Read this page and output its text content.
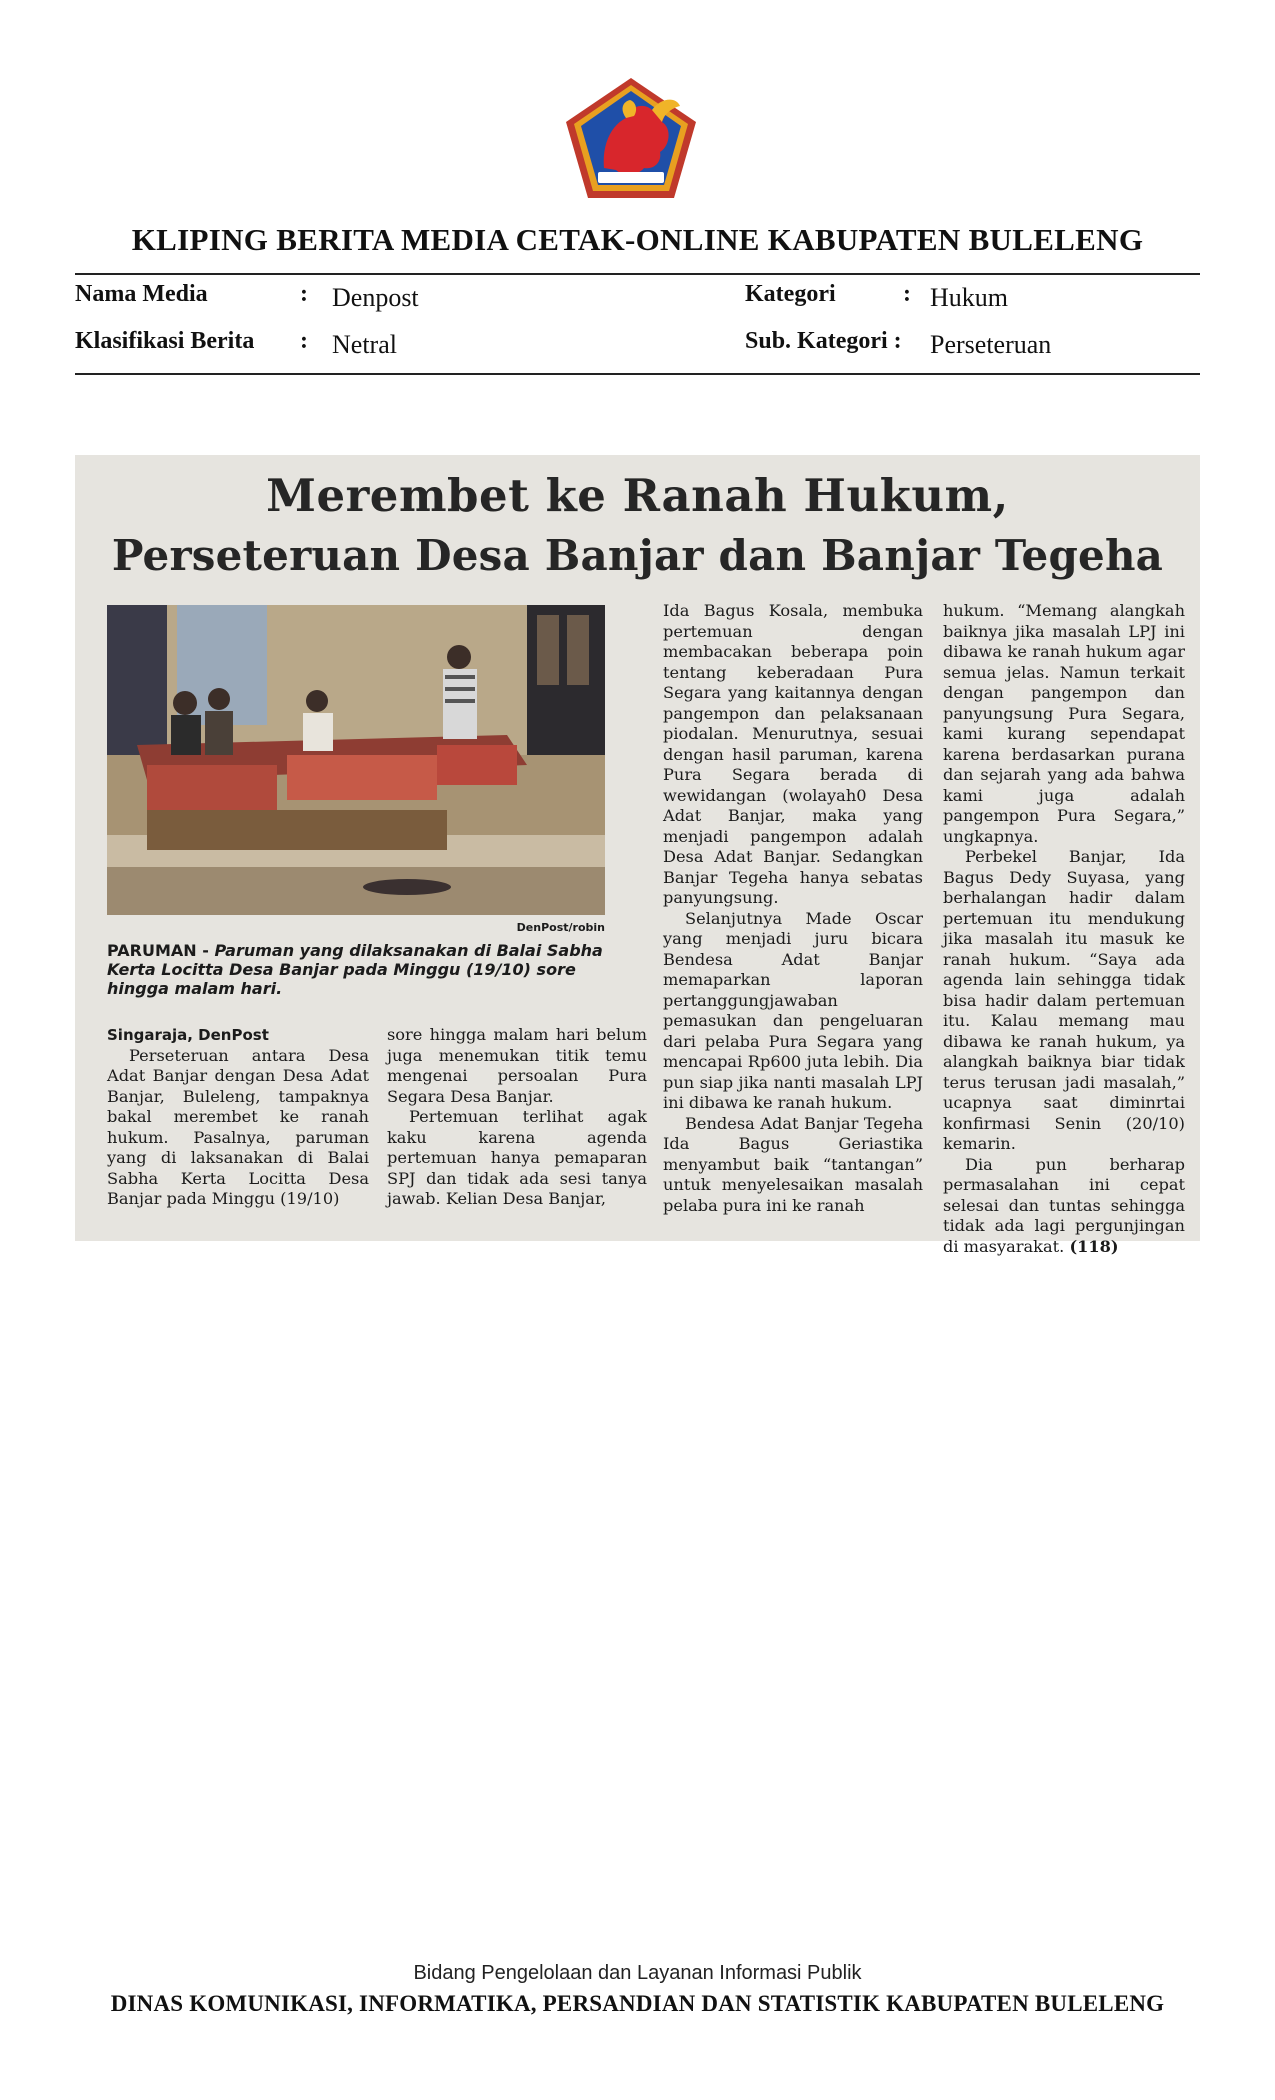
KLIPING BERITA MEDIA CETAK-ONLINE KABUPATEN BULELENG
Nama Media	: Denpost	Kategori	: Hukum
Klasifikasi Berita : Netral	Sub. Kategori : Perseteruan
Merembet ke Ranah Hukum,
Perseteruan Desa Banjar dan Banjar Tegeha
DenPost/robin
PARUMAN - Paruman yang dilaksanakan di Balai Sabha Kerta Locitta Desa Banjar pada Minggu (19/10) sore hingga malam hari.
Singaraja, DenPost
Perseteruan antara Desa Adat Banjar dengan Desa Adat Banjar, Buleleng, tampaknya bakal merembet ke ranah hukum. Pasalnya, paruman yang di laksanakan di Balai Sabha Kerta Locitta Desa Banjar pada Minggu (19/10)
sore hingga malam hari belum juga menemukan titik temu mengenai persoalan Pura Segara Desa Banjar.
Pertemuan terlihat agak kaku karena agenda pertemuan hanya pemaparan SPJ dan tidak ada sesi tanya jawab. Kelian Desa Banjar,
Ida Bagus Kosala, membuka pertemuan dengan membacakan beberapa poin tentang keberadaan Pura Segara yang kaitannya dengan pangempon dan pelaksanaan piodalan. Menurutnya, sesuai dengan hasil paruman, karena Pura Segara berada di wewidangan (wolayah0 Desa Adat Banjar, maka yang menjadi pangempon adalah Desa Adat Banjar. Sedangkan Banjar Tegeha hanya sebatas panyungsung.
Selanjutnya Made Oscar yang menjadi juru bicara Bendesa Adat Banjar memaparkan laporan pertanggungjawaban pemasukan dan pengeluaran dari pelaba Pura Segara yang mencapai Rp600 juta lebih. Dia pun siap jika nanti masalah LPJ ini dibawa ke ranah hukum.
Bendesa Adat Banjar Tegeha Ida Bagus Geriastika menyambut baik “tantangan” untuk menyelesaikan masalah pelaba pura ini ke ranah
hukum. “Memang alangkah baiknya jika masalah LPJ ini dibawa ke ranah hukum agar semua jelas. Namun terkait dengan pangempon dan panyungsung Pura Segara, kami kurang sependapat karena berdasarkan purana dan sejarah yang ada bahwa kami juga adalah pangempon Pura Segara,” ungkapnya.
Perbekel Banjar, Ida Bagus Dedy Suyasa, yang berhalangan hadir dalam pertemuan itu mendukung jika masalah itu masuk ke ranah hukum. “Saya ada agenda lain sehingga tidak bisa hadir dalam pertemuan itu. Kalau memang mau dibawa ke ranah hukum, ya alangkah baiknya biar tidak terus terusan jadi masalah,” ucapnya saat diminrtai konfirmasi Senin (20/10) kemarin.
Dia pun berharap permasalahan ini cepat selesai dan tuntas sehingga tidak ada lagi pergunjingan di masyarakat. (118)
Bidang Pengelolaan dan Layanan Informasi Publik
DINAS KOMUNIKASI, INFORMATIKA, PERSANDIAN DAN STATISTIK KABUPATEN BULELENG
